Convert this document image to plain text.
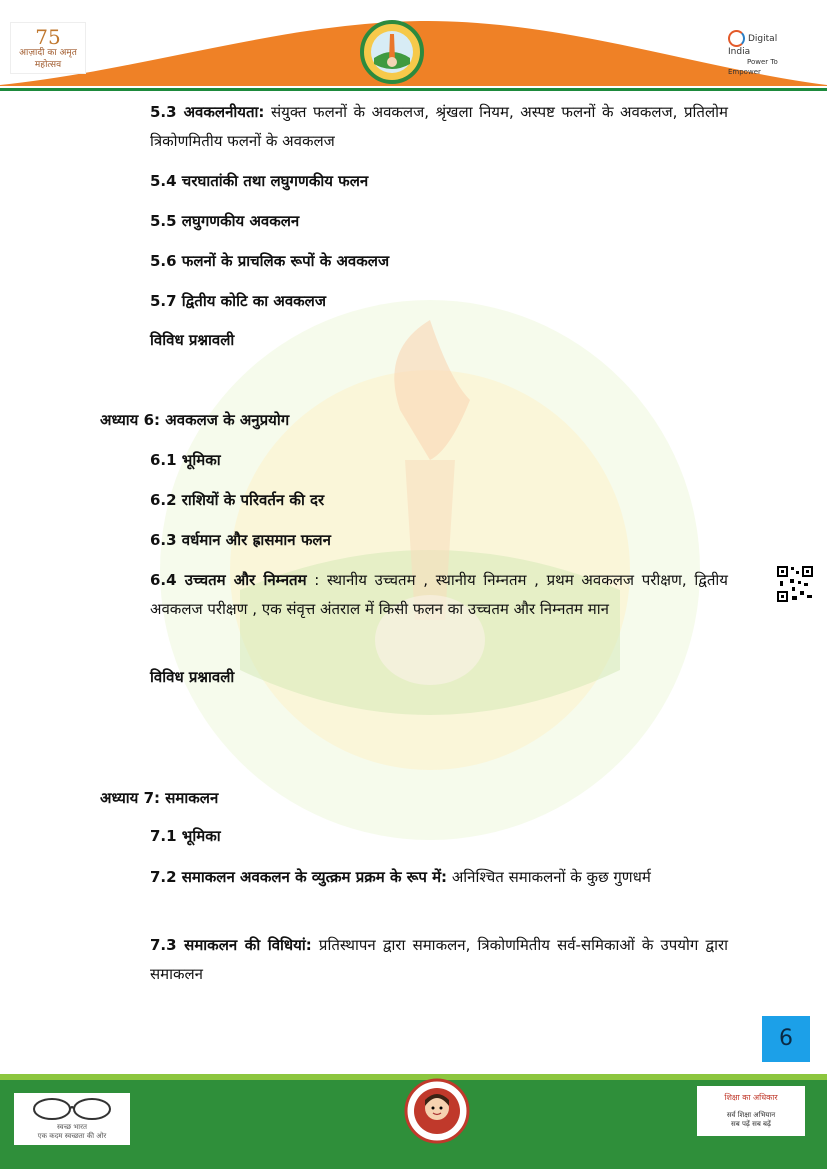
75
आज़ादी का अमृत महोत्सव
Digital India
Power To Empower
5.3 अवकलनीयता: संयुक्त फलनों के अवकलज, श्रृंखला नियम, अस्पष्ट फलनों के अवकलज, प्रतिलोम त्रिकोणमितीय फलनों के अवकलज
5.4 चरघातांकी तथा लघुगणकीय फलन
5.5 लघुगणकीय अवकलन
5.6 फलनों के प्राचलिक रूपों के अवकलज
5.7 द्वितीय कोटि का अवकलज
विविध प्रश्नावली
अध्याय 6: अवकलज के अनुप्रयोग
6.1 भूमिका
6.2 राशियों के परिवर्तन की दर
6.3 वर्धमान और ह्रासमान फलन
6.4 उच्चतम और निम्नतम : स्थानीय उच्चतम , स्थानीय निम्नतम , प्रथम अवकलज परीक्षण, द्वितीय अवकलज परीक्षण , एक संवृत्त अंतराल में किसी फलन का उच्चतम और निम्नतम मान
विविध प्रश्नावली
अध्याय 7: समाकलन
7.1 भूमिका
7.2 समाकलन अवकलन के व्युत्क्रम प्रक्रम के रूप में: अनिश्चित समाकलनों के कुछ गुणधर्म
7.3 समाकलन की विधियां: प्रतिस्थापन द्वारा समाकलन, त्रिकोणमितीय सर्व-समिकाओं के उपयोग द्वारा समाकलन
6
स्वच्छ भारत
एक कदम स्वच्छता की ओर
शिक्षा का अधिकार
सर्व शिक्षा अभियान
सब पढ़ें सब बढ़ें
